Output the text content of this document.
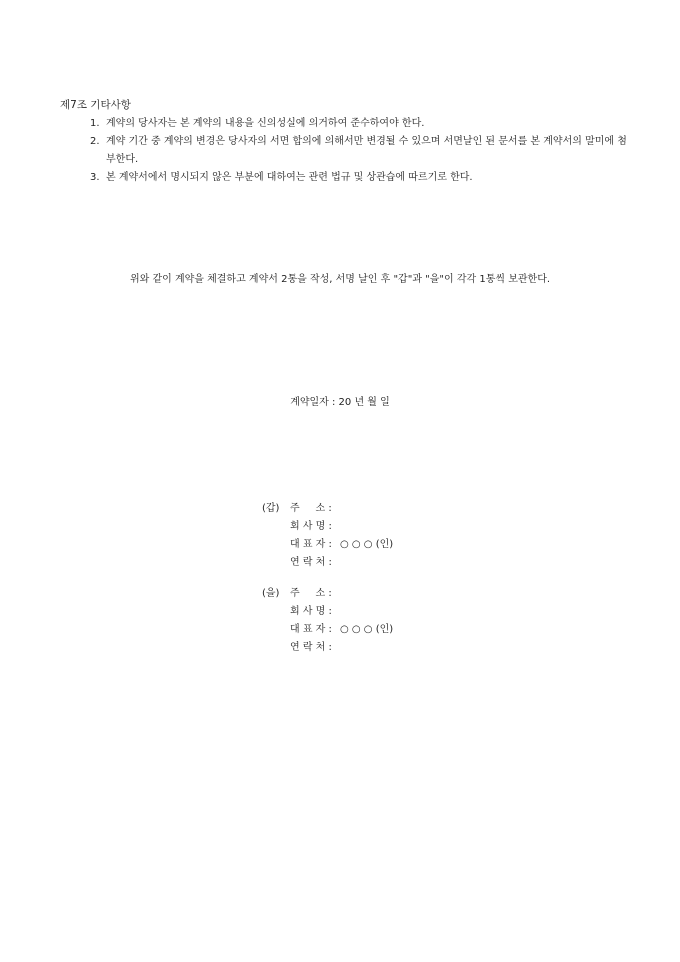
제7조 기타사항
1. 계약의 당사자는 본 계약의 내용을 신의성실에 의거하여 준수하여야 한다.
2. 계약 기간 중 계약의 변경은 당사자의 서면 합의에 의해서만 변경될 수 있으며 서면날인 된 문서를 본 계약서의 말미에 첨부한다.
3. 본 계약서에서 명시되지 않은 부분에 대하여는 관련 법규 및 상관습에 따르기로 한다.
위와 같이 계약을 체결하고 계약서 2통을 작성, 서명 날인 후 "갑"과 "을"이 각각 1통씩 보관한다.
계약일자 : 20 년 월 일
(갑)	주     소 :
회 사 명 :
대 표 자 : ○ ○ ○ (인)
연 락 처 :
(을)	주     소 :
회 사 명 :
대 표 자 : ○ ○ ○ (인)
연 락 처 :
